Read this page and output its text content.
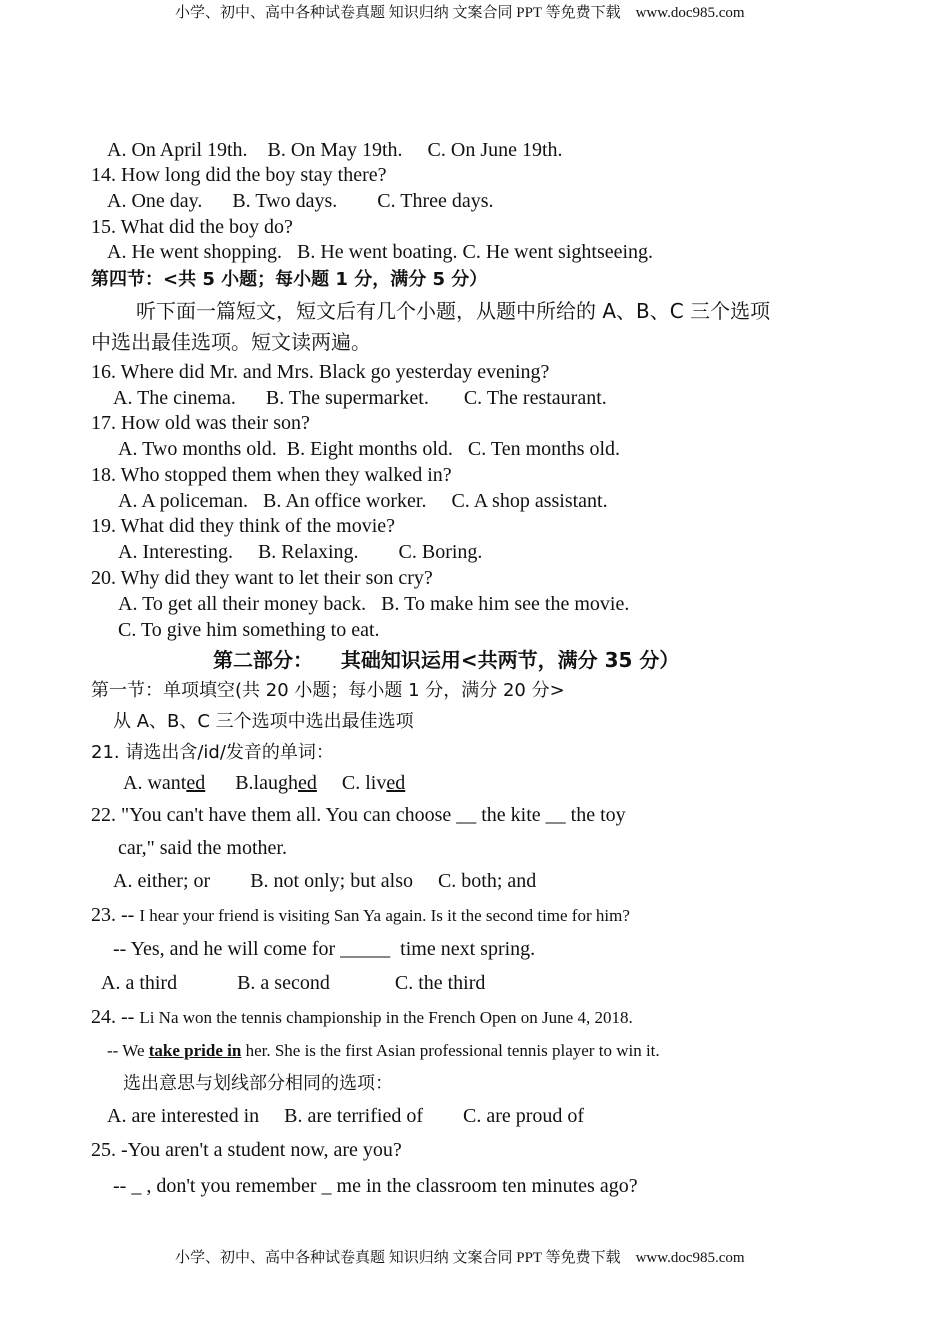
小学、初中、高中各种试卷真题 知识归纳 文案合同 PPT 等免费下载　www.doc985.com
A. On April 19th.    B. On May 19th.     C. On June 19th.
14. How long did the boy stay there?
A. One day.      B. Two days.        C. Three days.
15. What did the boy do?
A. He went shopping.   B. He went boating. C. He went sightseeing.
第四节：<共 5 小题；每小题 1 分，满分 5 分）
听下面一篇短文，短文后有几个小题，从题中所给的 A、B、C 三个选项
中选出最佳选项。短文读两遍。
16. Where did Mr. and Mrs. Black go yesterday evening?
A. The cinema.      B. The supermarket.       C. The restaurant.
17. How old was their son?
A. Two months old.  B. Eight months old.   C. Ten months old.
18. Who stopped them when they walked in?
A. A policeman.   B. An office worker.     C. A shop assistant.
19. What did they think of the movie?
A. Interesting.     B. Relaxing.        C. Boring.
20. Why did they want to let their son cry?
A. To get all their money back.   B. To make him see the movie.
C. To give him something to eat.
第二部分：    其础知识运用<共两节，满分 35 分）
第一节：单项填空(共 20 小题；每小题 1 分，满分 20 分>
从 A、B、C 三个选项中选出最佳选项
21. 请选出含/id/发音的单词：
A. wanted      B.laughed     C. lived
22. "You can't have them all. You can choose __ the kite __ the toy
car," said the mother.
A. either; or        B. not only; but also     C. both; and
23. -- I hear your friend is visiting San Ya again. Is it the second time for him?
-- Yes, and he will come for _____  time next spring.
A. a third            B. a second             C. the third
24. -- Li Na won the tennis championship in the French Open on June 4, 2018.
-- We take pride in her. She is the first Asian professional tennis player to win it.
选出意思与划线部分相同的选项：
A. are interested in     B. are terrified of        C. are proud of
25. -You aren't a student now, are you?
-- _ , don't you remember _ me in the classroom ten minutes ago?
小学、初中、高中各种试卷真题 知识归纳 文案合同 PPT 等免费下载　www.doc985.com
